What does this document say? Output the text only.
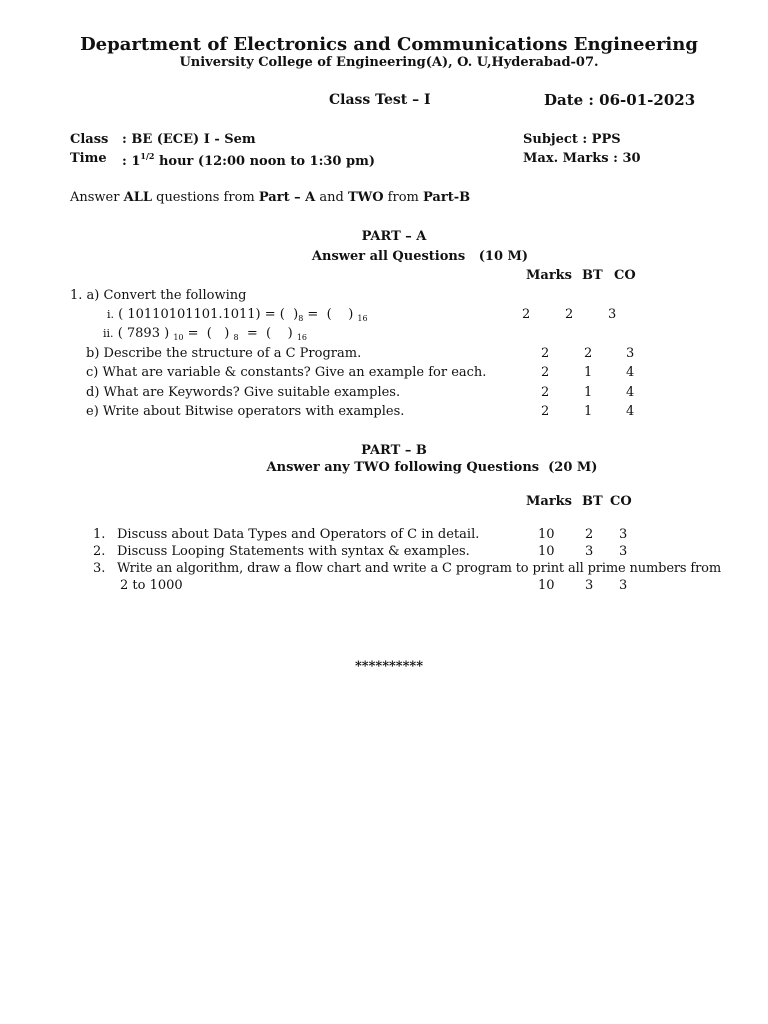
Department of Electronics and Communications Engineering
University College of Engineering(A), O. U,Hyderabad-07.
Class Test – I	Date : 06-01-2023
Class : BE (ECE) I - Sem
Time : $1^{1/2}$ hour (12:00 noon to 1:30 pm)
Subject : PPS
Max. Marks : 30
Answer ALL questions from Part – A and TWO from Part-B
PART – A
Answer all Questions   (10 M)
Marks BT CO
1. a) Convert the following
i. ( 10110101101.1011) = (  )$_8$ =  (    ) $_{16}$	2	2	3
ii. ( 7893 ) $_{10}$ =  (   ) $_8$  =  (    ) $_{16}$
b) Describe the structure of a C Program.	2	2	3
c) What are variable & constants? Give an example for each.	2	1	4
d) What are Keywords? Give suitable examples.	2	1	4
e) Write about Bitwise operators with examples.	2	1	4
PART – B
Answer any TWO following Questions  (20 M)
Marks BT CO
1. Discuss about Data Types and Operators of C in detail.	10 2 3
2. Discuss Looping Statements with syntax & examples.	10 3 3
3. Write an algorithm, draw a flow chart and write a C program to print all prime numbers from
2 to 1000	10 3 3
**********
